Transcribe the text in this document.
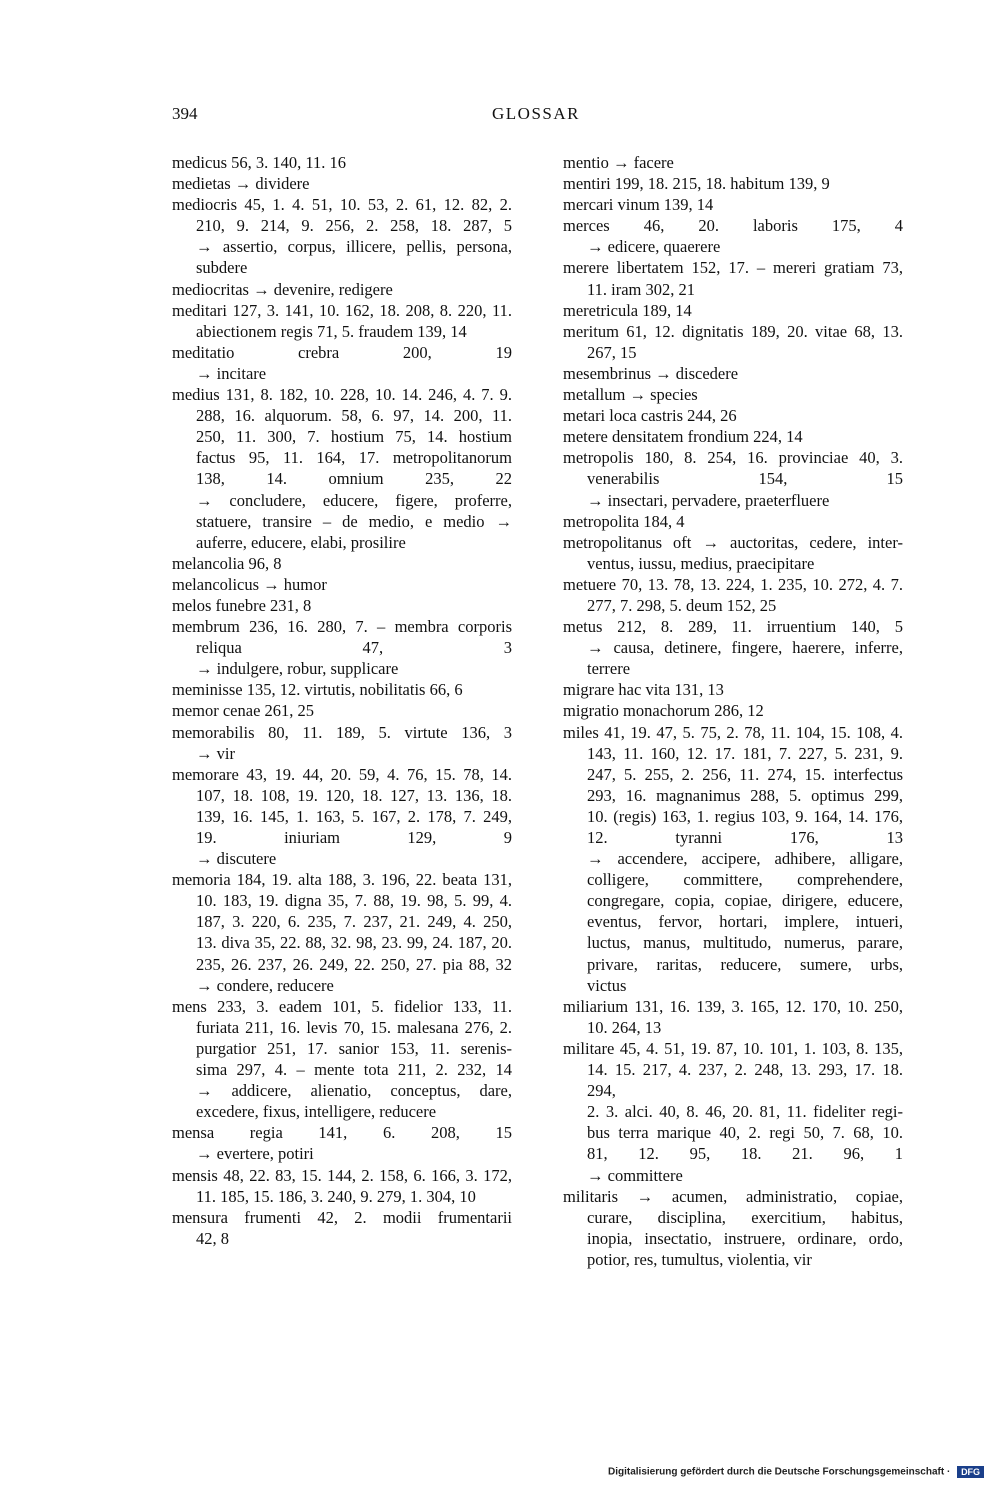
394	GLOSSAR
medicus 56, 3. 140, 11. 16
medietas → dividere
mediocris 45, 1. 4. 51, 10. 53, 2. 61, 12. 82, 2.
210, 9. 214, 9. 256, 2. 258, 18. 287, 5
→ assertio, corpus, illicere, pellis, persona,
subdere
mediocritas → devenire, redigere
meditari 127, 3. 141, 10. 162, 18. 208, 8. 220, 11.
abiectionem regis 71, 5. fraudem 139, 14
meditatio crebra 200, 19
→ incitare
medius 131, 8. 182, 10. 228, 10. 14. 246, 4. 7. 9.
288, 16. alquorum. 58, 6. 97, 14. 200, 11.
250, 11. 300, 7. hostium 75, 14. hostium
factus 95, 11. 164, 17. metropolitanorum
138, 14. omnium 235, 22
→ concludere, educere, figere, proferre,
statuere, transire – de medio, e medio →
auferre, educere, elabi, prosilire
melancolia 96, 8
melancolicus → humor
melos funebre 231, 8
membrum 236, 16. 280, 7. – membra corporis
reliqua 47, 3
→ indulgere, robur, supplicare
meminisse 135, 12. virtutis, nobilitatis 66, 6
memor cenae 261, 25
memorabilis 80, 11. 189, 5. virtute 136, 3
→ vir
memorare 43, 19. 44, 20. 59, 4. 76, 15. 78, 14.
107, 18. 108, 19. 120, 18. 127, 13. 136, 18.
139, 16. 145, 1. 163, 5. 167, 2. 178, 7. 249,
19. iniuriam 129, 9
→ discutere
memoria 184, 19. alta 188, 3. 196, 22. beata 131,
10. 183, 19. digna 35, 7. 88, 19. 98, 5. 99, 4.
187, 3. 220, 6. 235, 7. 237, 21. 249, 4. 250,
13. diva 35, 22. 88, 32. 98, 23. 99, 24. 187, 20.
235, 26. 237, 26. 249, 22. 250, 27. pia 88, 32
→ condere, reducere
mens 233, 3. eadem 101, 5. fidelior 133, 11.
furiata 211, 16. levis 70, 15. malesana 276, 2.
purgatior 251, 17. sanior 153, 11. serenis-
sima 297, 4. – mente tota 211, 2. 232, 14
→ addicere, alienatio, conceptus, dare,
excedere, fixus, intelligere, reducere
mensa regia 141, 6. 208, 15
→ evertere, potiri
mensis 48, 22. 83, 15. 144, 2. 158, 6. 166, 3. 172,
11. 185, 15. 186, 3. 240, 9. 279, 1. 304, 10
mensura frumenti 42, 2. modii frumentarii
42, 8
mentio → facere
mentiri 199, 18. 215, 18. habitum 139, 9
mercari vinum 139, 14
merces 46, 20. laboris 175, 4
→ edicere, quaerere
merere libertatem 152, 17. – mereri gratiam 73,
11. iram 302, 21
meretricula 189, 14
meritum 61, 12. dignitatis 189, 20. vitae 68, 13.
267, 15
mesembrinus → discedere
metallum → species
metari loca castris 244, 26
metere densitatem frondium 224, 14
metropolis 180, 8. 254, 16. provinciae 40, 3.
venerabilis 154, 15
→ insectari, pervadere, praeterfluere
metropolita 184, 4
metropolitanus oft → auctoritas, cedere, inter-
ventus, iussu, medius, praecipitare
metuere 70, 13. 78, 13. 224, 1. 235, 10. 272, 4. 7.
277, 7. 298, 5. deum 152, 25
metus 212, 8. 289, 11. irruentium 140, 5
→ causa, detinere, fingere, haerere, inferre,
terrere
migrare hac vita 131, 13
migratio monachorum 286, 12
miles 41, 19. 47, 5. 75, 2. 78, 11. 104, 15. 108, 4.
143, 11. 160, 12. 17. 181, 7. 227, 5. 231, 9.
247, 5. 255, 2. 256, 11. 274, 15. interfectus
293, 16. magnanimus 288, 5. optimus 299,
10. (regis) 163, 1. regius 103, 9. 164, 14. 176,
12. tyranni 176, 13
→ accendere, accipere, adhibere, alligare,
colligere, committere, comprehendere,
congregare, copia, copiae, dirigere, educere,
eventus, fervor, hortari, implere, intueri,
luctus, manus, multitudo, numerus, parare,
privare, raritas, reducere, sumere, urbs,
victus
miliarium 131, 16. 139, 3. 165, 12. 170, 10. 250,
10. 264, 13
militare 45, 4. 51, 19. 87, 10. 101, 1. 103, 8. 135,
14. 15. 217, 4. 237, 2. 248, 13. 293, 17. 18. 294,
2. 3. alci. 40, 8. 46, 20. 81, 11. fideliter regi-
bus terra marique 40, 2. regi 50, 7. 68, 10.
81, 12. 95, 18. 21. 96, 1
→ committere
militaris → acumen, administratio, copiae,
curare, disciplina, exercitium, habitus,
inopia, insectatio, instruere, ordinare, ordo,
potior, res, tumultus, violentia, vir
Digitalisierung gefördert durch die Deutsche Forschungsgemeinschaft · DFG
